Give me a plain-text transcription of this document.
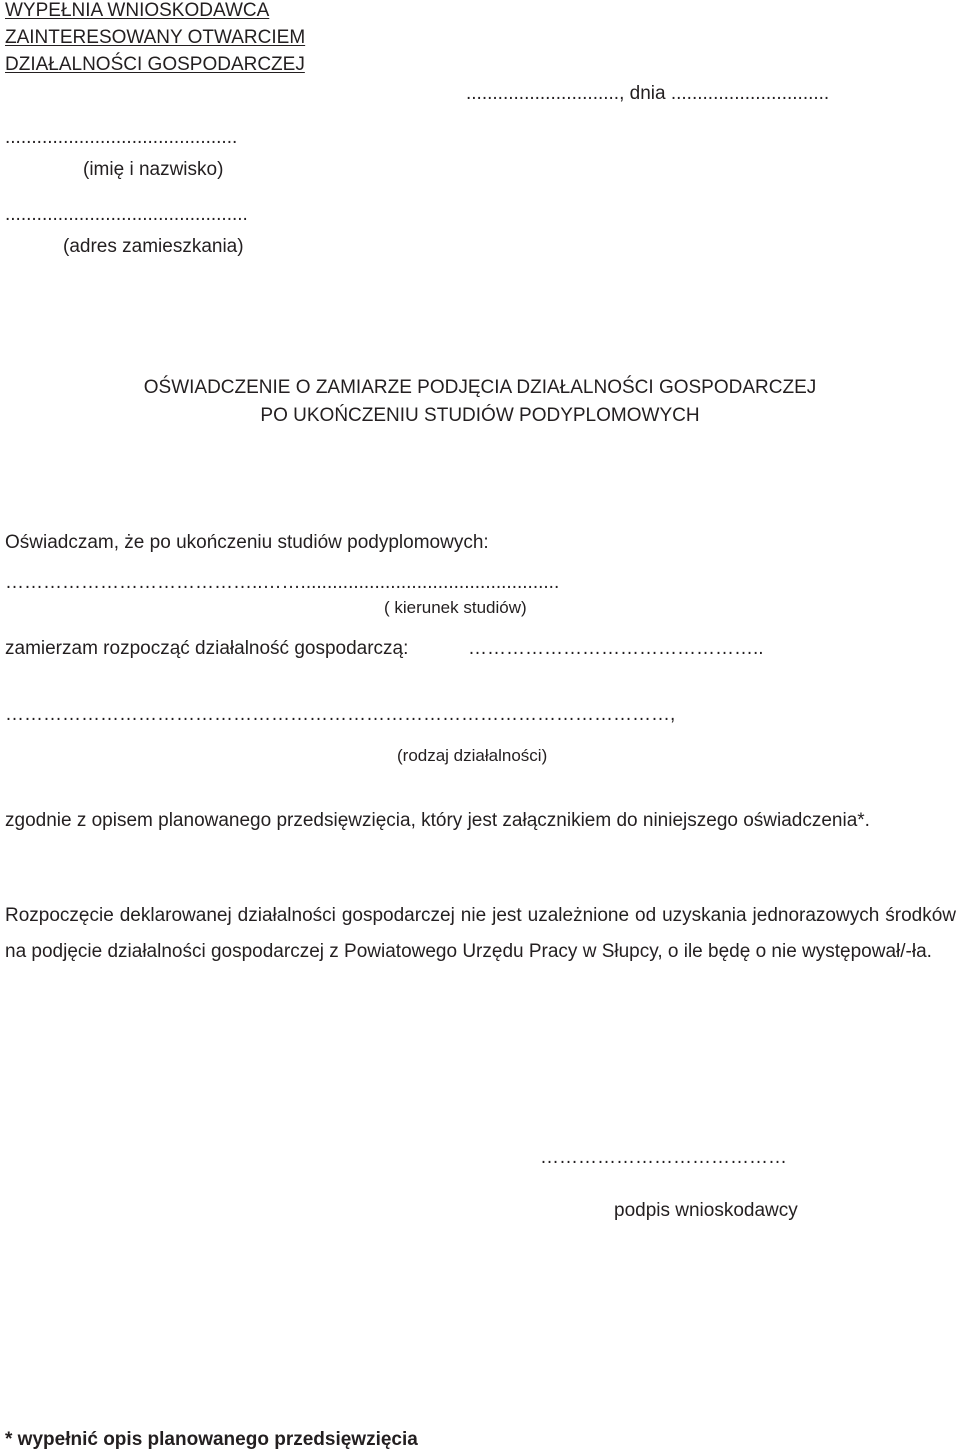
WYPEŁNIA WNIOSKODAWCA
ZAINTERESOWANY OTWARCIEM
DZIAŁALNOŚCI GOSPODARCZEJ
............................., dnia ..............................
............................................
(imię i nazwisko)
..............................................
(adres zamieszkania)
OŚWIADCZENIE O ZAMIARZE PODJĘCIA DZIAŁALNOŚCI GOSPODARCZEJ
PO UKOŃCZENIU STUDIÓW PODYPLOMOWYCH
Oświadczam, że po ukończeniu studiów podyplomowych:
…………………………………..…….................................................
( kierunek studiów)
zamierzam rozpocząć działalność gospodarczą:	………………………………………..
……………………………………………………………………………………………,
(rodzaj działalności)

zgodnie z opisem planowanego przedsięwzięcia, który jest załącznikiem do niniejszego oświadczenia*.

Rozpoczęcie deklarowanej działalności gospodarczej nie jest uzależnione od uzyskania jednorazowych środków na podjęcie działalności gospodarczej z Powiatowego Urzędu Pracy w Słupcy, o ile będę o nie występował/-ła.

…………………………………
podpis wnioskodawcy
* wypełnić opis planowanego przedsięwzięcia
